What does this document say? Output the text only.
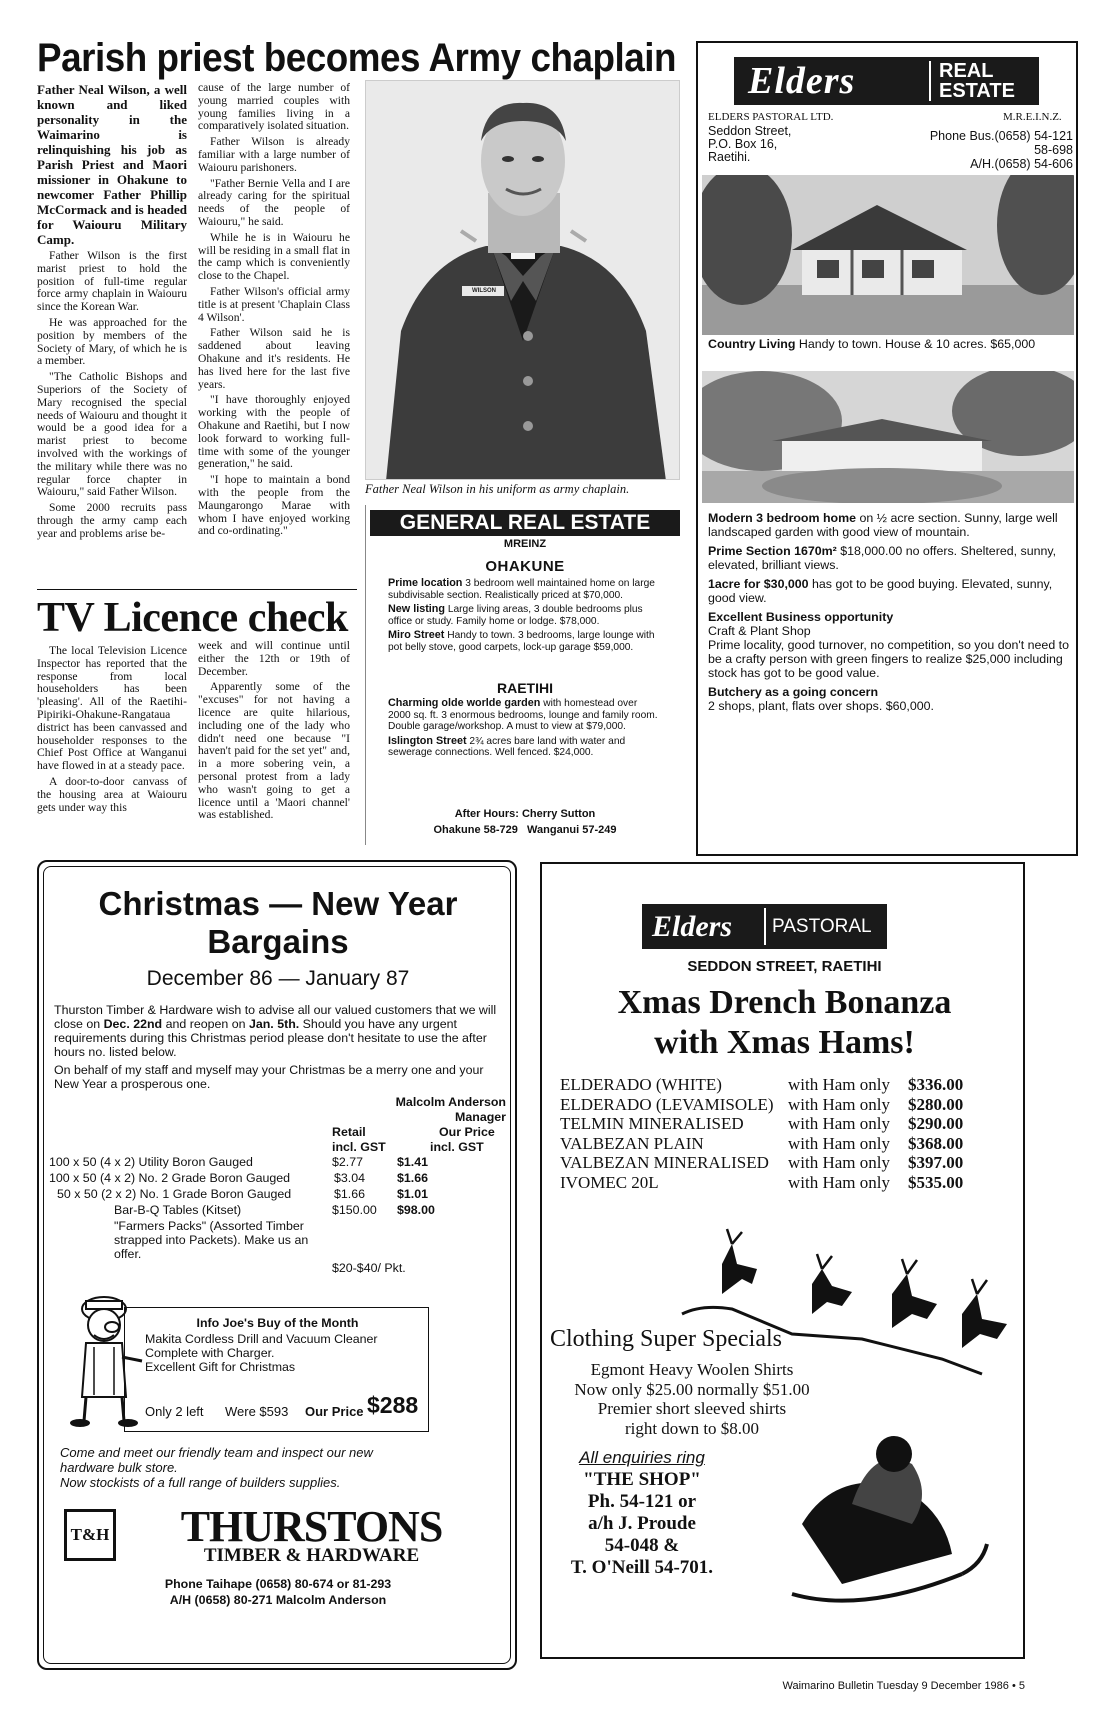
Parish priest becomes Army chaplain

Father Neal Wilson, a well known and liked personality in the Waimarino is relinquishing his job as Parish Priest and Maori missioner in Ohakune to newcomer Father Phillip McCormack and is headed for Waiouru Military Camp.

Father Wilson is the first marist priest to hold the position of full-time regular force army chaplain in Waiouru since the Korean War.

He was approached for the position by members of the Society of Mary, of which he is a member.

"The Catholic Bishops and Superiors of the Society of Mary recognised the special needs of Waiouru and thought it would be a good idea for a marist priest to become involved with the workings of the military while there was no regular force chapter in Waiouru," said Father Wilson.

Some 2000 recruits pass through the army camp each year and problems arise be-

cause of the large number of young married couples with young families living in a comparatively isolated situation.

Father Wilson is already familiar with a large number of Waiouru parishoners.

"Father Bernie Vella and I are already caring for the spiritual needs of the people of Waiouru," he said.

While he is in Waiouru he will be residing in a small flat in the camp which is conveniently close to the Chapel.

Father Wilson's official army title is at present 'Chaplain Class 4 Wilson'.

Father Wilson said he is saddened about leaving Ohakune and it's residents. He has lived here for the last five years.

"I have thoroughly enjoyed working with the people of Ohakune and Raetihi, but I now look forward to working full-time with some of the younger generation," he said.

"I hope to maintain a bond with the people from the Maungarongo Marae with whom I have enjoyed working and co-ordinating."

WILSON
Father Neal Wilson in his uniform as army chaplain.
TV Licence check

The local Television Licence Inspector has reported that the response from local householders has been 'pleasing'. All of the Raetihi-Pipiriki-Ohakune-Rangataua district has been canvassed and householder responses to the Chief Post Office at Wanganui have flowed in at a steady pace.

A door-to-door canvass of the housing area at Waiouru gets under way this

week and will continue until either the 12th or 19th of December.

Apparently some of the "excuses" for not having a licence are quite hilarious, including one of the lady who didn't need one because "I haven't paid for the set yet" and, in a more sobering vein, a personal protest from a lady who wasn't going to get a licence until a 'Maori channel' was established.

GENERAL REAL ESTATE
MREINZ
OHAKUNE
Prime location 3 bedroom well maintained home on large subdivisable section. Realistically priced at $70,000.
New listing Large living areas, 3 double bedrooms plus office or study. Family home or lodge. $78,000.
Miro Street Handy to town. 3 bedrooms, large lounge with pot belly stove, good carpets, lock-up garage $59,000.
RAETIHI
Charming olde worlde garden with homestead over 2000 sq. ft. 3 enormous bedrooms, lounge and family room. Double garage/workshop. A must to view at $79,000.
Islington Street 2¾ acres bare land with water and sewerage connections. Well fenced. $24,000.
After Hours: Cherry Sutton
Ohakune 58-729   Wanganui 57-249
Elders	REAL
ESTATE
ELDERS PASTORAL LTD.	M.R.E.I.N.Z.
Seddon Street,
P.O. Box 16,
Raetihi.
Phone Bus.(0658) 54-121
58-698
A/H.(0658) 54-606
Country Living Handy to town. House & 10 acres. $65,000
Modern 3 bedroom home on ½ acre section. Sunny, large well landscaped garden with good view of mountain.
Prime Section 1670m² $18,000.00 no offers. Sheltered, sunny, elevated, brilliant views.
1acre for $30,000 has got to be good buying. Elevated, sunny, good view.
Excellent Business opportunity
Craft & Plant Shop
Prime locality, good turnover, no competition, so you don't need to be a crafty person with green fingers to realize $25,000 including stock has got to be good value.
Butchery as a going concern
2 shops, plant, flats over shops. $60,000.
Christmas — New Year
Bargains
December 86 — January 87
Thurston Timber & Hardware wish to advise all our valued customers that we will close on Dec. 22nd and reopen on Jan. 5th. Should you have any urgent requirements during this Christmas period please don't hesitate to use the after hours no. listed below.
On behalf of my staff and myself may your Christmas be a merry one and your New Year a prosperous one.
Malcolm Anderson
Manager
Retail	Our Price
incl. GST	incl. GST
100 x 50 (4 x 2) Utility Boron Gauged	$2.77	$1.41
100 x 50 (4 x 2) No. 2 Grade Boron Gauged	$3.04	$1.66
50 x 50 (2 x 2) No. 1 Grade Boron Gauged	$1.66	$1.01
Bar-B-Q Tables (Kitset)	$150.00 $98.00
"Farmers Packs" (Assorted Timber strapped into Packets). Make us an offer.
$20-$40/ Pkt.
Info Joe's Buy of the Month
Makita Cordless Drill and Vacuum Cleaner
Complete with Charger.
Excellent Gift for Christmas
Only 2 left Were $593 Our Price $288
Come and meet our friendly team and inspect our new
hardware bulk store.
Now stockists of a full range of builders supplies.
T&H	THURSTONS
TIMBER & HARDWARE
Phone Taihape (0658) 80-674 or 81-293
A/H (0658) 80-271 Malcolm Anderson
Elders	PASTORAL
SEDDON STREET, RAETIHI
Xmas Drench Bonanza
with Xmas Hams!
ELDERADO (WHITE)	with Ham only $336.00
ELDERADO (LEVAMISOLE) with Ham only $280.00
TELMIN MINERALISED	with Ham only $290.00
VALBEZAN PLAIN	with Ham only $368.00
VALBEZAN MINERALISED with Ham only $397.00
IVOMEC 20L	with Ham only $535.00
Clothing Super Specials
Egmont Heavy Woolen Shirts
Now only $25.00 normally $51.00
Premier short sleeved shirts
right down to $8.00
All enquiries ring
"THE SHOP"
Ph. 54-121 or
a/h J. Proude
54-048 &
T. O'Neill 54-701.
Waimarino Bulletin Tuesday 9 December 1986 • 5
